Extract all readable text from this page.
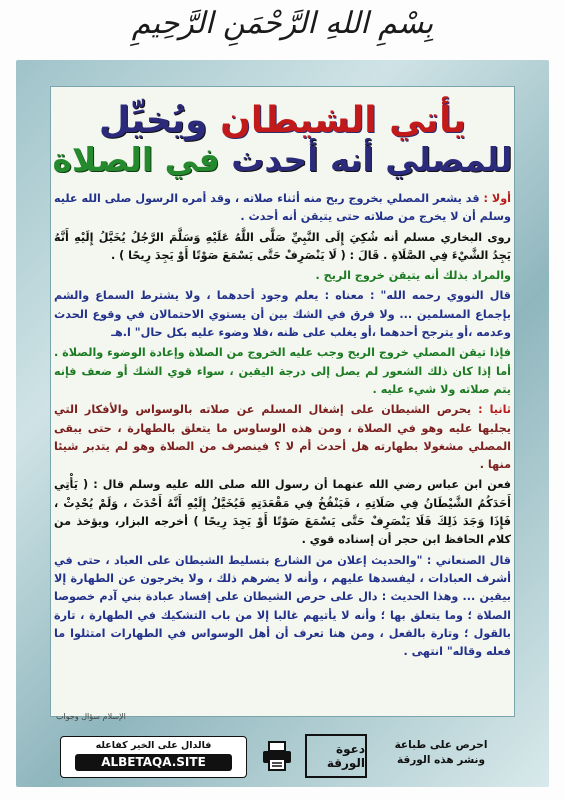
بِسْمِ اللهِ الرَّحْمَنِ الرَّحِيمِ
يأتي الشيطان ويُخيِّل
للمصلي أنه أحدث في الصلاة

أولا : قد يشعر المصلي بخروج ريح منه أثناء صلاته ، وقد أمره الرسول صلى الله عليه وسلم أن لا يخرج من صلاته حتى يتيقن أنه أحدث .

روى البخاري مسلم أنه شُكِيَ إِلَى النَّبِيِّ صَلَّى اللَّهُ عَلَيْهِ وَسَلَّمَ الرَّجُلُ يُخَيَّلُ إِلَيْهِ أَنَّهُ يَجِدُ الشَّيْءَ فِي الصَّلَاةِ . قَالَ : ( لَا يَنْصَرِفْ حَتَّى يَسْمَعَ صَوْتًا أَوْ يَجِدَ رِيحًا ) .

والمراد بذلك أنه يتيقن خروج الريح .

قال النووي رحمه الله" : معناه : يعلم وجود أحدهما ، ولا يشترط السماع والشم بإجماع المسلمين ... ولا فرق في الشك بين أن يستوي الاحتمالان في وقوع الحدث وعدمه ،أو يترجح أحدهما ،أو يغلب على ظنه ،فلا وضوء عليه بكل حال" ا.هـ

فإذا تيقن المصلي خروج الريح وجب عليه الخروج من الصلاة وإعادة الوضوء والصلاة . أما إذا كان ذلك الشعور لم يصل إلى درجة اليقين ، سواء قوي الشك أو ضعف فإنه يتم صلاته ولا شيء عليه .

ثانيا : يحرص الشيطان على إشغال المسلم عن صلاته بالوسواس والأفكار التي يجلبها عليه وهو في الصلاة ، ومن هذه الوساوس ما يتعلق بالطهارة ، حتى يبقى المصلي مشغولا بطهارته هل أحدث أم لا ؟ فينصرف من الصلاة وهو لم يتدبر شيئا منها .

فعن ابن عباس رضي الله عنهما أن رسول الله صلى الله عليه وسلم قال : ( يَأْتِي أَحَدَكُمُ الشَّيْطَانُ فِي صَلَاتِهِ ، فَيَنْفُخُ فِي مَقْعَدَتِهِ فَيُخَيَّلُ إِلَيْهِ أَنَّهُ أَحْدَثَ ، وَلَمْ يُحْدِثْ ، فَإِذَا وَجَدَ ذَلِكَ فَلَا يَنْصَرِفْ حَتَّى يَسْمَعَ صَوْتًا أَوْ يَجِدَ رِيحًا ) أخرجه البزار، ويؤخذ من كلام الحافظ ابن حجر أن إسناده قوي .

قال الصنعاني : "والحديث إعلان من الشارع بتسليط الشيطان على العباد ، حتى في أشرف العبادات ، ليفسدها عليهم ، وأنه لا يضرهم ذلك ، ولا يخرجون عن الطهارة إلا بيقين ... وهذا الحديث : دال على حرص الشيطان على إفساد عبادة بني آدم خصوصا الصلاة ؛ وما يتعلق بها ؛ وأنه لا يأتيهم غالبا إلا من باب التشكيك في الطهارة ، تارة بالقول ؛ وتارة بالفعل ، ومن هنا تعرف أن أهل الوسواس في الطهارات امتثلوا ما فعله وقاله" انتهى .

الإسلام سؤال وجواب
احرص على طباعة
ونشر هذه الورقة
دعوة الورقة
فالدال على الخير كفاعله
ALBETAQA.SITE
